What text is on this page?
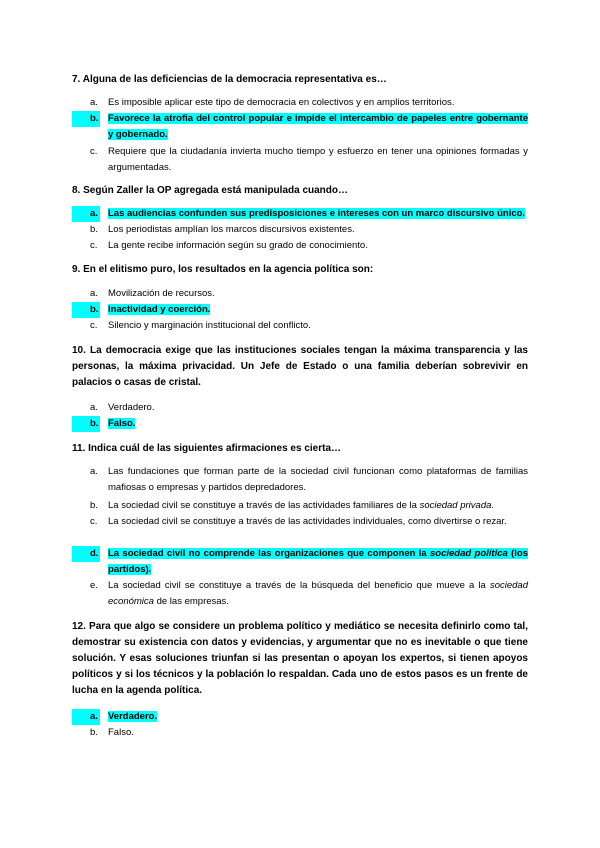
7. Alguna de las deficiencias de la democracia representativa es…
a. Es imposible aplicar este tipo de democracia en colectivos y en amplios territorios.
b. Favorece la atrofia del control popular e impide el intercambio de papeles entre gobernante y gobernado.
c. Requiere que la ciudadanía invierta mucho tiempo y esfuerzo en tener una opiniones formadas y argumentadas.
8. Según Zaller la OP agregada está manipulada cuando…
a. Las audiencias confunden sus predisposiciones e intereses con un marco discursivo único.
b. Los periodistas amplían los marcos discursivos existentes.
c. La gente recibe información según su grado de conocimiento.
9. En el elitismo puro, los resultados en la agencia política son:
a. Movilización de recursos.
b. Inactividad y coerción.
c. Silencio y marginación institucional del conflicto.
10. La democracia exige que las instituciones sociales tengan la máxima transparencia y las personas, la máxima privacidad. Un Jefe de Estado o una familia deberían sobrevivir en palacios o casas de cristal.
a. Verdadero.
b. Falso.
11. Indica cuál de las siguientes afirmaciones es cierta…
a. Las fundaciones que forman parte de la sociedad civil funcionan como plataformas de familias mafiosas o empresas y partidos depredadores.
b. La sociedad civil se constituye a través de las actividades familiares de la sociedad privada.
c. La sociedad civil se constituye a través de las actividades individuales, como divertirse o rezar.
d. La sociedad civil no comprende las organizaciones que componen la sociedad política (los partidos).
e. La sociedad civil se constituye a través de la búsqueda del beneficio que mueve a la sociedad económica de las empresas.
12. Para que algo se considere un problema político y mediático se necesita definirlo como tal, demostrar su existencia con datos y evidencias, y argumentar que no es inevitable o que tiene solución. Y esas soluciones triunfan si las presentan o apoyan los expertos, si tienen apoyos políticos y si los técnicos y la población lo respaldan. Cada uno de estos pasos es un frente de lucha en la agenda política.
a. Verdadero.
b. Falso.
